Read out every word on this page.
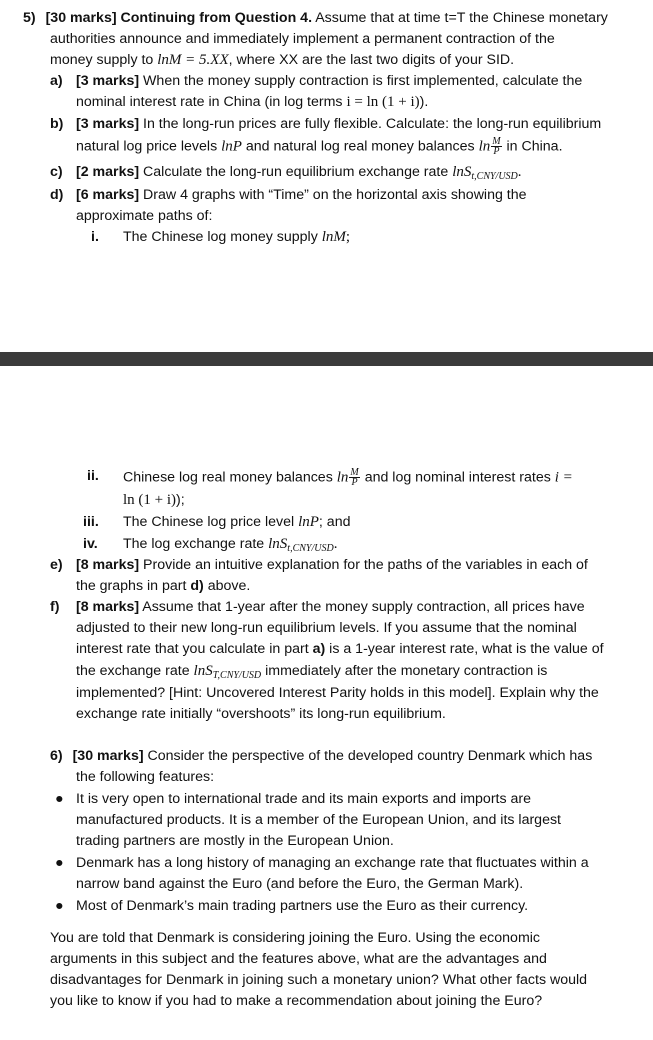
5) [30 marks] Continuing from Question 4. Assume that at time t=T the Chinese monetary
authorities announce and immediately implement a permanent contraction of the
money supply to lnM = 5.XX, where XX are the last two digits of your SID.
a) [3 marks] When the money supply contraction is first implemented, calculate the
nominal interest rate in China (in log terms i = ln (1 + i)).
b) [3 marks] In the long-run prices are fully flexible. Calculate: the long-run equilibrium
natural log price levels lnP and natural log real money balances $\ln \frac{M}{P}$ in China.
c) [2 marks] Calculate the long-run equilibrium exchange rate lnS$_{t,CNY/USD}$.
d) [6 marks] Draw 4 graphs with “Time” on the horizontal axis showing the
approximate paths of:
i. The Chinese log money supply lnM;
ii. Chinese log real money balances $\ln \frac{M}{P}$ and log nominal interest rates i =
ln (1 + i));
iii. The Chinese log price level lnP; and
iv. The log exchange rate lnS$_{t,CNY/USD}$.
e) [8 marks] Provide an intuitive explanation for the paths of the variables in each of
the graphs in part d) above.
f) [8 marks] Assume that 1-year after the money supply contraction, all prices have
adjusted to their new long-run equilibrium levels. If you assume that the nominal
interest rate that you calculate in part a) is a 1-year interest rate, what is the value of
the exchange rate lnS$_{T,CNY/USD}$ immediately after the monetary contraction is
implemented? [Hint: Uncovered Interest Parity holds in this model]. Explain why the
exchange rate initially “overshoots” its long-run equilibrium.
6) [30 marks] Consider the perspective of the developed country Denmark which has
the following features:
● It is very open to international trade and its main exports and imports are
manufactured products. It is a member of the European Union, and its largest
trading partners are mostly in the European Union.
● Denmark has a long history of managing an exchange rate that fluctuates within a
narrow band against the Euro (and before the Euro, the German Mark).
● Most of Denmark’s main trading partners use the Euro as their currency.
You are told that Denmark is considering joining the Euro. Using the economic
arguments in this subject and the features above, what are the advantages and
disadvantages for Denmark in joining such a monetary union? What other facts would
you like to know if you had to make a recommendation about joining the Euro?
